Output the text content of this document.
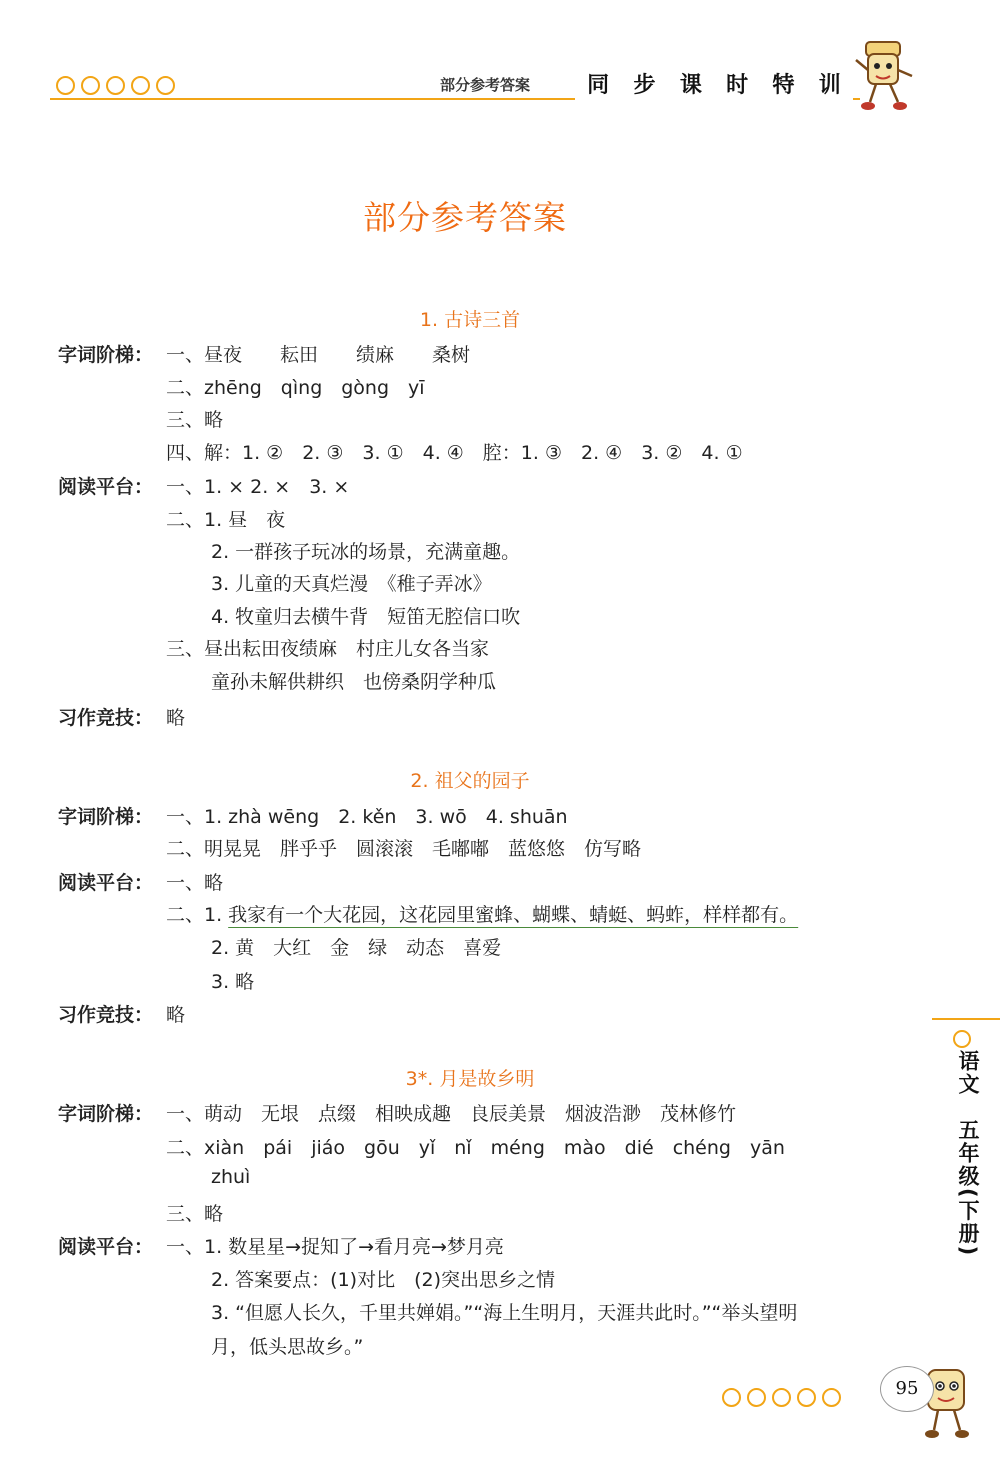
部分参考答案	同 步 课 时 特 训
部分参考答案
1. 古诗三首
字词阶梯： 一、昼夜　　耘田　　绩麻　　桑树
二、zhēng　qìng　gòng　yī
三、略
四、解：1. ②　2. ③　3. ①　4. ④　腔：1. ③　2. ④　3. ②　4. ①
阅读平台： 一、1. × 2. ×　3. ×
二、1. 昼　夜
2. 一群孩子玩冰的场景，充满童趣。
3. 儿童的天真烂漫　《稚子弄冰》
4. 牧童归去横牛背　短笛无腔信口吹
三、昼出耘田夜绩麻　村庄儿女各当家
童孙未解供耕织　也傍桑阴学种瓜
习作竞技： 略
2. 祖父的园子
字词阶梯： 一、1. zhà wēng　2. kěn　3. wō　4. shuān
二、明晃晃　胖乎乎　圆滚滚　毛嘟嘟　蓝悠悠　仿写略
阅读平台： 一、略
二、1. 我家有一个大花园，这花园里蜜蜂、蝴蝶、蜻蜓、蚂蚱，样样都有。
2. 黄　大红　金　绿　动态　喜爱
3. 略
习作竞技： 略
3*. 月是故乡明
字词阶梯： 一、萌动　无垠　点缀　相映成趣　良辰美景　烟波浩渺　茂林修竹
二、xiàn　pái　jiáo　gōu　yǐ　nǐ　méng　mào　dié　chéng　yān
zhuì
三、略
阅读平台： 一、1. 数星星→捉知了→看月亮→梦月亮
2. 答案要点：(1)对比　(2)突出思乡之情
3. “但愿人长久，千里共婵娟。”“海上生明月，天涯共此时。”“举头望明
月，低头思故乡。”
语文　五年级(下册)
95
